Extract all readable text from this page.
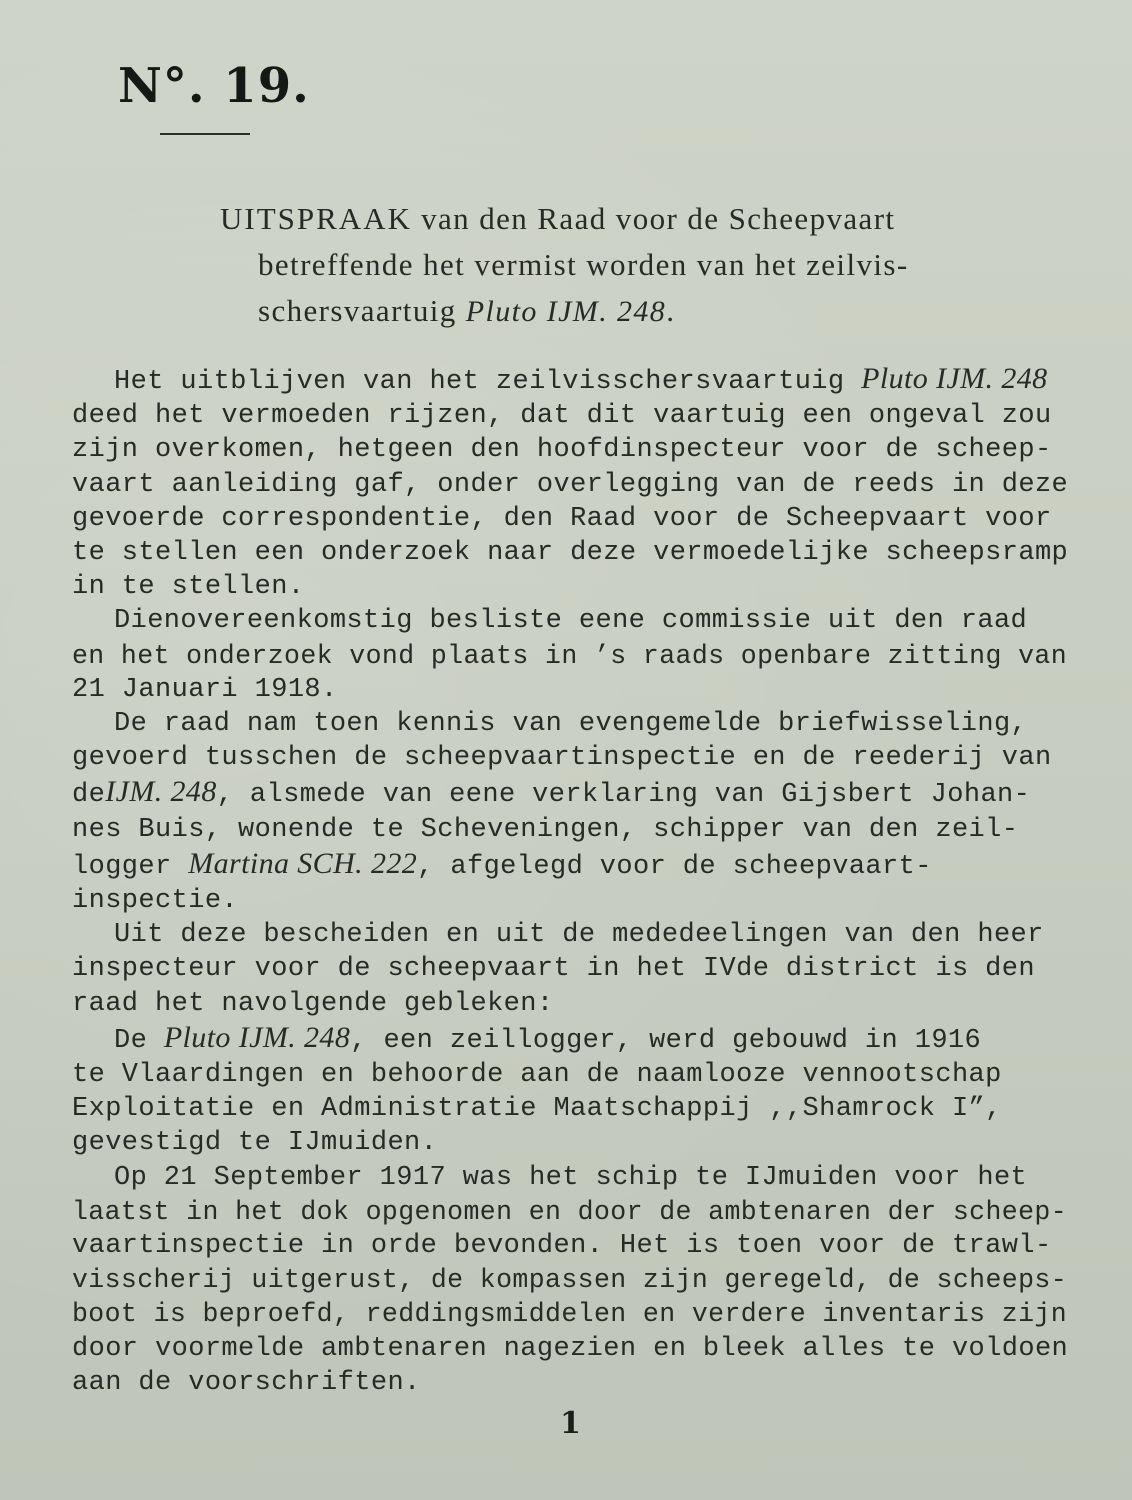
N°. 19.
UITSPRAAK van den Raad voor de Scheepvaart
betreffende het vermist worden van het zeilvis-
schersvaartuig Pluto IJM. 248.
Het uitblijven van het zeilvisschersvaartuig Pluto IJM. 248
deed het vermoeden rijzen, dat dit vaartuig een ongeval zou
zijn overkomen, hetgeen den hoofdinspecteur voor de scheep-
vaart aanleiding gaf, onder overlegging van de reeds in deze
gevoerde correspondentie, den Raad voor de Scheepvaart voor
te stellen een onderzoek naar deze vermoedelijke scheepsramp
in te stellen.
Dienovereenkomstig besliste eene commissie uit den raad
en het onderzoek vond plaats in ’s raads openbare zitting van
21 Januari 1918.
De raad nam toen kennis van evengemelde briefwisseling,
gevoerd tusschen de scheepvaartinspectie en de reederij van
deIJM. 248, alsmede van eene verklaring van Gijsbert Johan-
nes Buis, wonende te Scheveningen, schipper van den zeil-
logger Martina SCH. 222, afgelegd voor de scheepvaart-
inspectie.
Uit deze bescheiden en uit de mededeelingen van den heer
inspecteur voor de scheepvaart in het IVde district is den
raad het navolgende gebleken:
De Pluto IJM. 248, een zeillogger, werd gebouwd in 1916
te Vlaardingen en behoorde aan de naamlooze vennootschap
Exploitatie en Administratie Maatschappij ,,Shamrock I”,
gevestigd te IJmuiden.
Op 21 September 1917 was het schip te IJmuiden voor het
laatst in het dok opgenomen en door de ambtenaren der scheep-
vaartinspectie in orde bevonden. Het is toen voor de trawl-
visscherij uitgerust, de kompassen zijn geregeld, de scheeps-
boot is beproefd, reddingsmiddelen en verdere inventaris zijn
door voormelde ambtenaren nagezien en bleek alles te voldoen
aan de voorschriften.
1
